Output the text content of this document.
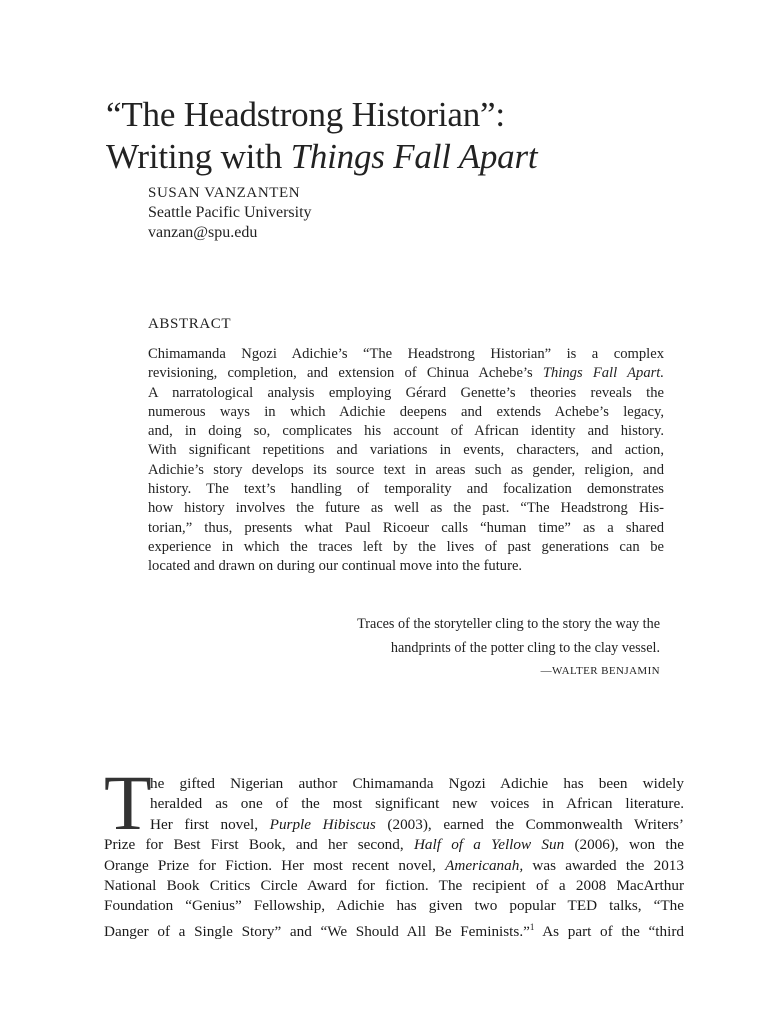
“The Headstrong Historian”:
Writing with Things Fall Apart
SUSAN VANZANTEN
Seattle Pacific University
vanzan@spu.edu
ABSTRACT
Chimamanda Ngozi Adichie’s “The Headstrong Historian” is a complex
revisioning, completion, and extension of Chinua Achebe’s Things Fall Apart.
A narratological analysis employing Gérard Genette’s theories reveals the
numerous ways in which Adichie deepens and extends Achebe’s legacy,
and, in doing so, complicates his account of African identity and history.
With significant repetitions and variations in events, characters, and action,
Adichie’s story develops its source text in areas such as gender, religion, and
history. The text’s handling of temporality and focalization demonstrates
how history involves the future as well as the past. “The Headstrong His-
torian,” thus, presents what Paul Ricoeur calls “human time” as a shared
experience in which the traces left by the lives of past generations can be
located and drawn on during our continual move into the future.
Traces of the storyteller cling to the story the way the
handprints of the potter cling to the clay vessel.
—WALTER BENJAMIN
T
he gifted Nigerian author Chimamanda Ngozi Adichie has been widely
heralded as one of the most significant new voices in African literature.
Her first novel, Purple Hibiscus (2003), earned the Commonwealth Writers’
Prize for Best First Book, and her second, Half of a Yellow Sun (2006), won the
Orange Prize for Fiction. Her most recent novel, Americanah, was awarded the 2013
National Book Critics Circle Award for fiction. The recipient of a 2008 MacArthur
Foundation “Genius” Fellowship, Adichie has given two popular TED talks, “The
Danger of a Single Story” and “We Should All Be Feminists.”$^1$ As part of the “third
